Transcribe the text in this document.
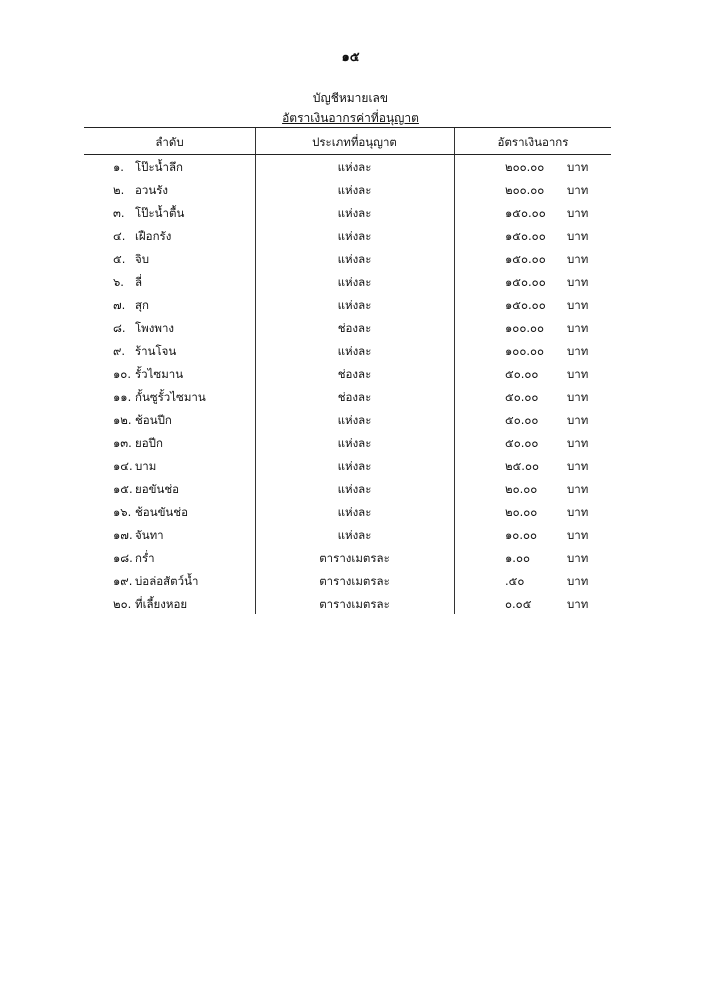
๑๕
บัญชีหมายเลข
อัตราเงินอากรค่าที่อนุญาต
ลำดับ	ประเภทที่อนุญาต	อัตราเงินอากร
๑. โป๊ะน้ำลึก	แห่งละ	๒๐๐.๐๐	บาท
๒. อวนรัง	แห่งละ	๒๐๐.๐๐	บาท
๓. โป๊ะน้ำตื้น	แห่งละ	๑๕๐.๐๐	บาท
๔. เฝือกรัง	แห่งละ	๑๕๐.๐๐	บาท
๕. จิบ	แห่งละ	๑๕๐.๐๐	บาท
๖. ลี่	แห่งละ	๑๕๐.๐๐	บาท
๗. สุก	แห่งละ	๑๕๐.๐๐	บาท
๘. โพงพาง	ช่องละ	๑๐๐.๐๐	บาท
๙. ร้านโจน	แห่งละ	๑๐๐.๐๐	บาท
๑๐. รั้วไซมาน	ช่องละ	๕๐.๐๐	บาท
๑๑. กั้นซูรั้วไซมาน	ช่องละ	๕๐.๐๐	บาท
๑๒. ช้อนปีก	แห่งละ	๕๐.๐๐	บาท
๑๓. ยอปีก	แห่งละ	๕๐.๐๐	บาท
๑๔. บาม	แห่งละ	๒๕.๐๐	บาท
๑๕. ยอขันช่อ	แห่งละ	๒๐.๐๐	บาท
๑๖. ช้อนขันช่อ	แห่งละ	๒๐.๐๐	บาท
๑๗. จันทา	แห่งละ	๑๐.๐๐	บาท
๑๘. กร่ำ	ตารางเมตรละ	๑.๐๐	บาท
๑๙. บ่อล่อสัตว์น้ำ	ตารางเมตรละ	.๕๐	บาท
๒๐. ที่เลี้ยงหอย	ตารางเมตรละ	๐.๐๕	บาท
